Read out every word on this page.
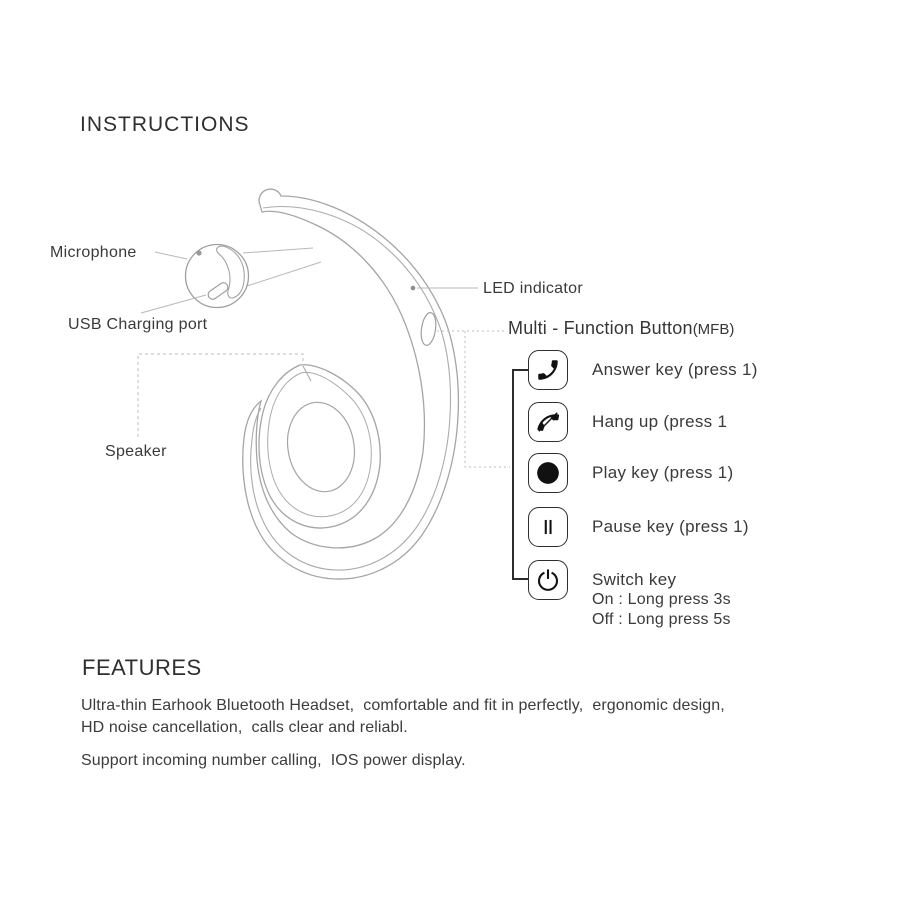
INSTRUCTIONS
Microphone
USB Charging port
LED indicator
Multi - Function Button(MFB)
Speaker
Answer key (press 1)
Hang up (press 1
Play key (press 1)
Pause key (press 1)
Switch key
On : Long press 3s
Off : Long press 5s
FEATURES
Ultra-thin Earhook Bluetooth Headset,  comfortable and fit in perfectly,  ergonomic design,
HD noise cancellation,  calls clear and reliabl.
Support incoming number calling,  IOS power display.
